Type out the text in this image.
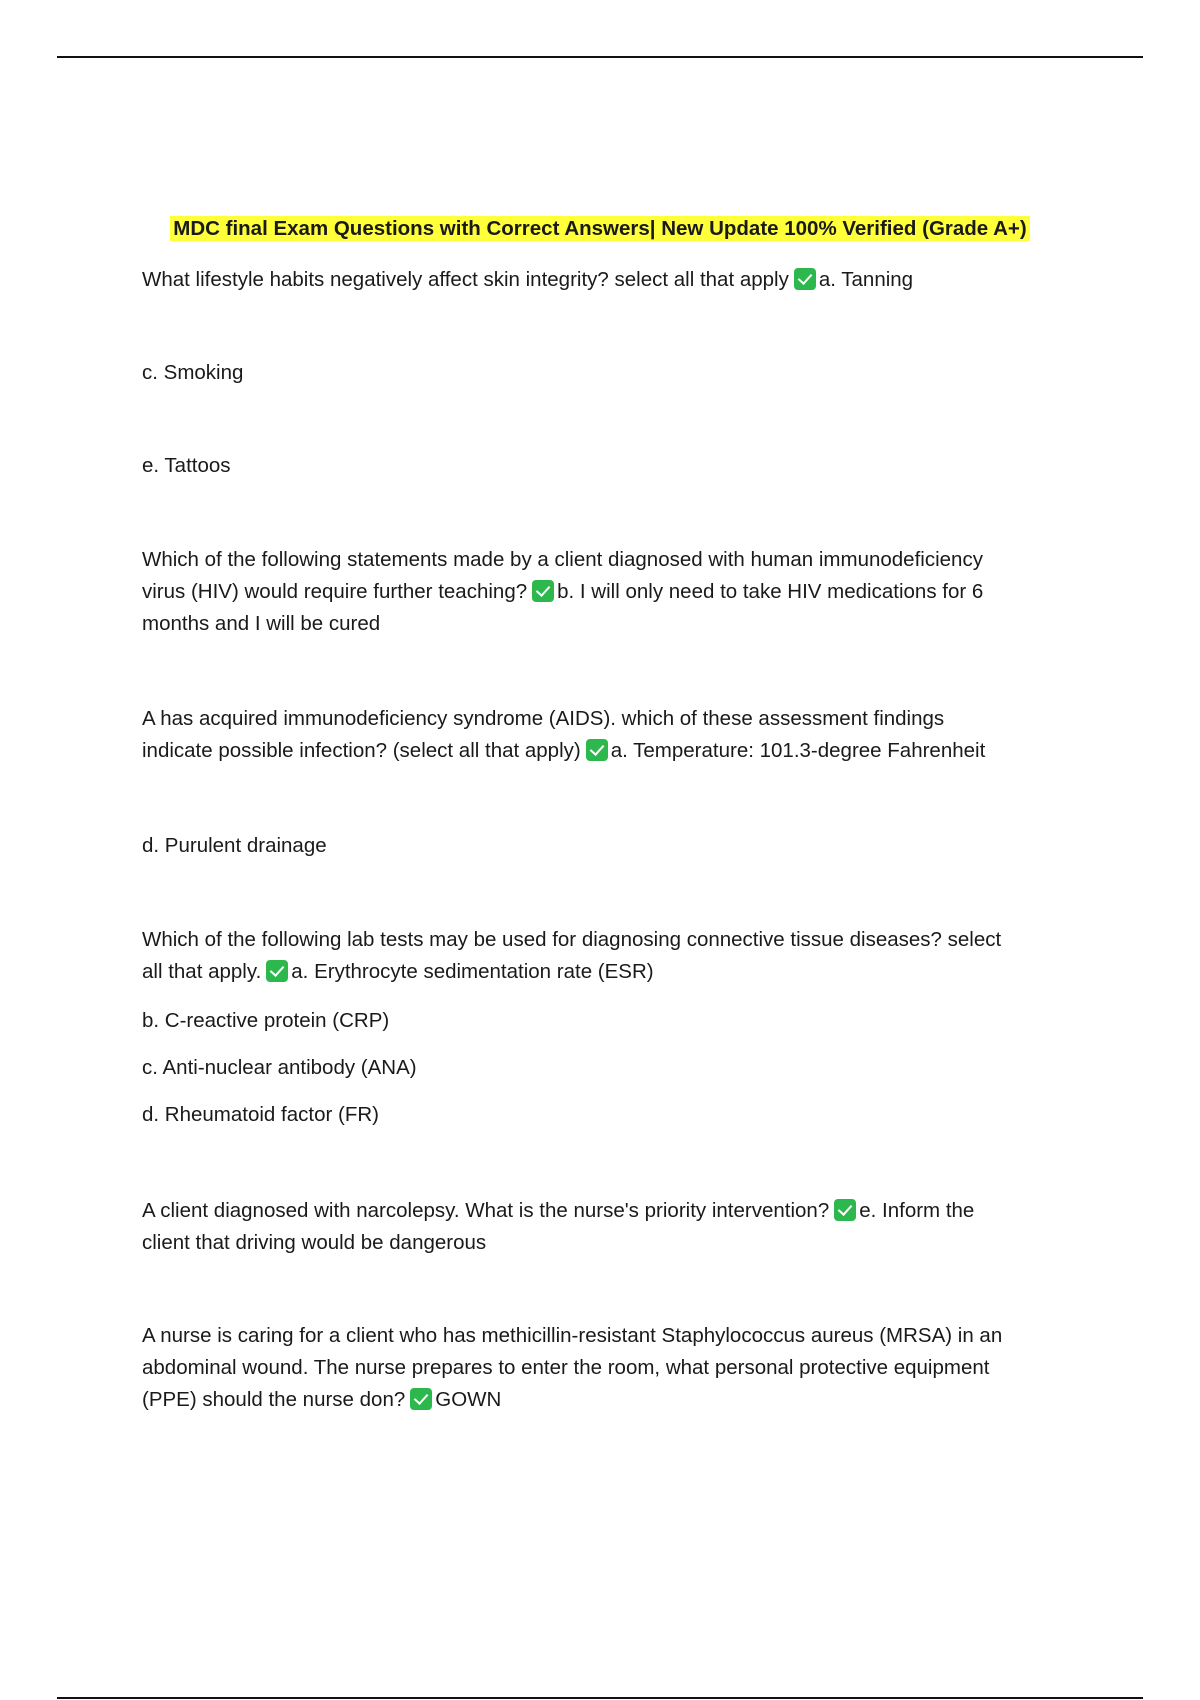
MDC final Exam Questions with Correct Answers| New Update 100% Verified (Grade A+)
What lifestyle habits negatively affect skin integrity? select all that apply a. Tanning
c. Smoking
e. Tattoos
Which of the following statements made by a client diagnosed with human immunodeficiency
virus (HIV) would require further teaching? b. I will only need to take HIV medications for 6
months and I will be cured
A has acquired immunodeficiency syndrome (AIDS). which of these assessment findings
indicate possible infection? (select all that apply) a. Temperature: 101.3-degree Fahrenheit
d. Purulent drainage
Which of the following lab tests may be used for diagnosing connective tissue diseases? select
all that apply. a. Erythrocyte sedimentation rate (ESR)
b. C-reactive protein (CRP)
c. Anti-nuclear antibody (ANA)
d. Rheumatoid factor (FR)
A client diagnosed with narcolepsy. What is the nurse's priority intervention? e. Inform the
client that driving would be dangerous
A nurse is caring for a client who has methicillin-resistant Staphylococcus aureus (MRSA) in an
abdominal wound. The nurse prepares to enter the room, what personal protective equipment
(PPE) should the nurse don? GOWN
